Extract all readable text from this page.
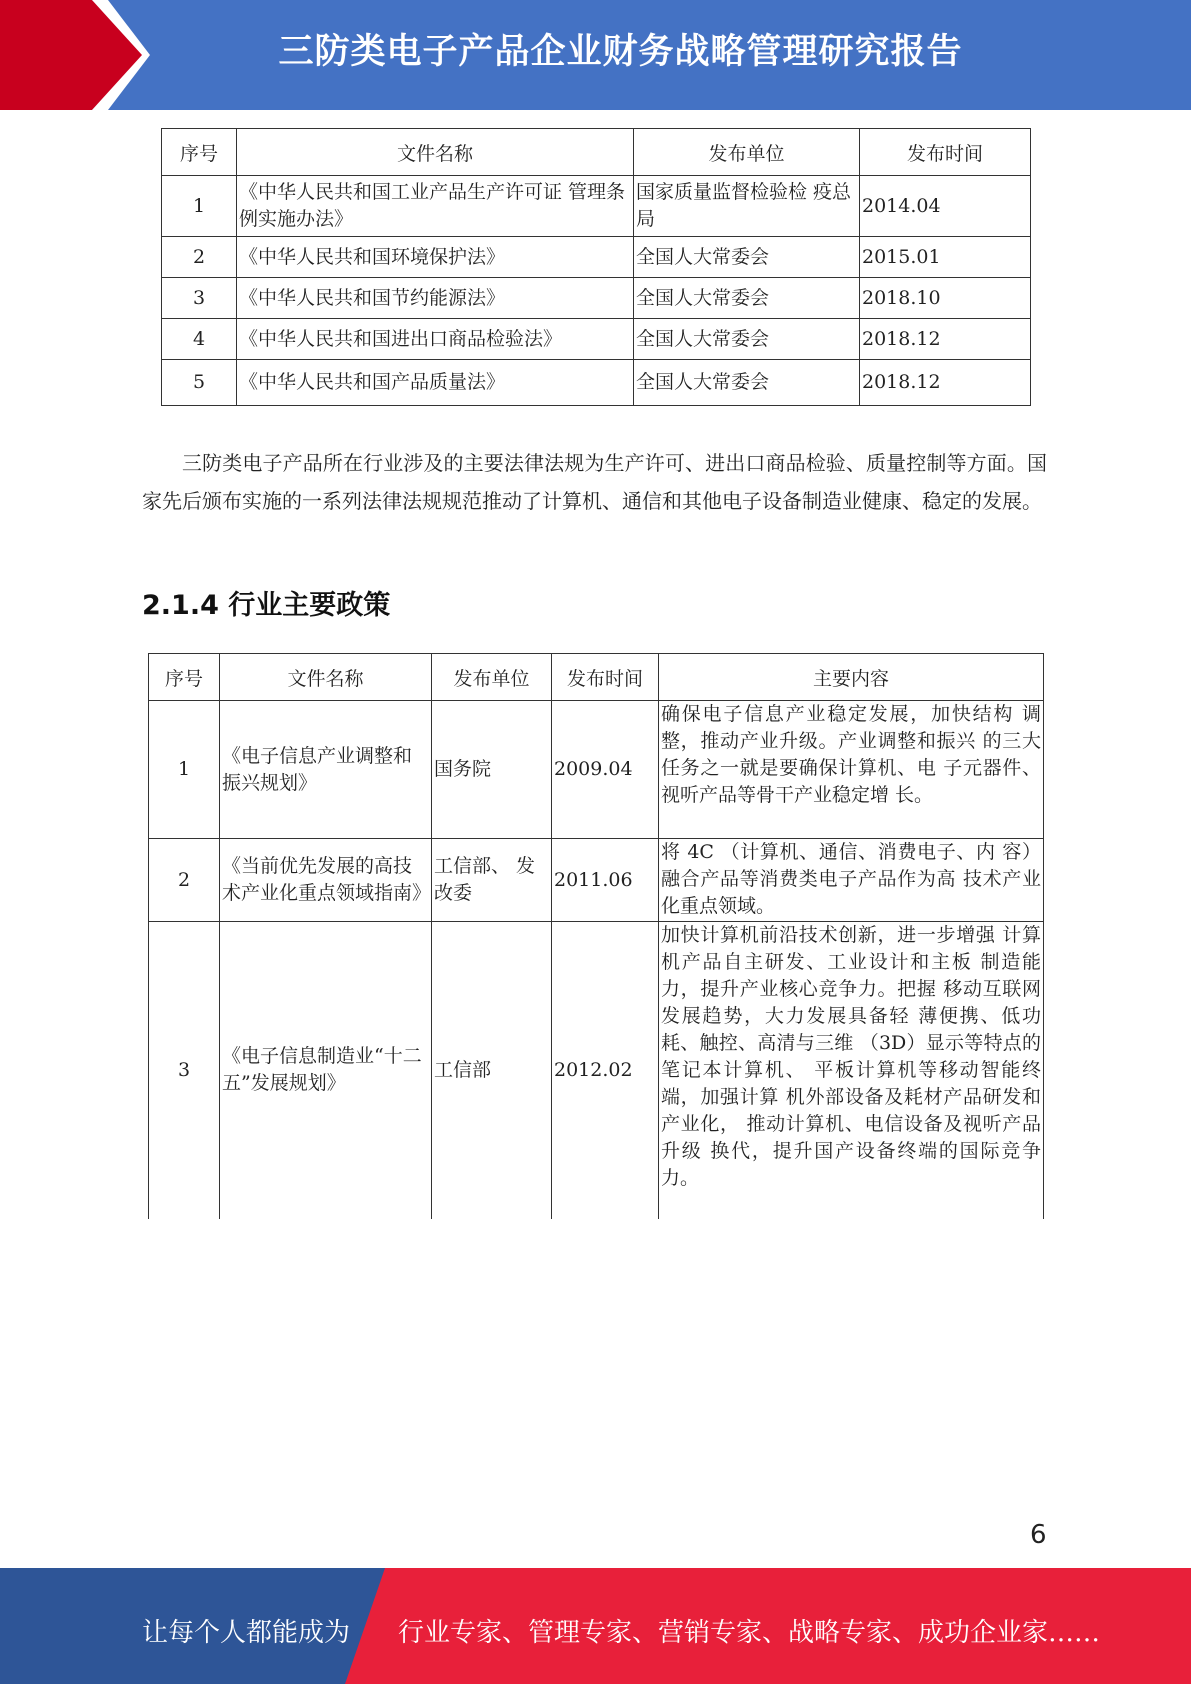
三防类电子产品企业财务战略管理研究报告
序号	文件名称	发布单位	发布时间
1	《中华人民共和国工业产品生产许可证 管理条例实施办法》	国家质量监督检验检 疫总局	2014.04
2	《中华人民共和国环境保护法》	全国人大常委会	2015.01
3	《中华人民共和国节约能源法》	全国人大常委会	2018.10
4	《中华人民共和国进出口商品检验法》	全国人大常委会	2018.12
5	《中华人民共和国产品质量法》	全国人大常委会	2018.12

三防类电子产品所在行业涉及的主要法律法规为生产许可、进出口商品检验、质量控制等方面。国家先后颁布实施的一系列法律法规规范推动了计算机、通信和其他电子设备制造业健康、稳定的发展。

2.1.4 行业主要政策
序号	文件名称	发布单位	发布时间	主要内容
1	《电子信息产业调整和振兴规划》	国务院	2009.04	确保电子信息产业稳定发展，加快结构 调整，推动产业升级。产业调整和振兴 的三大任务之一就是要确保计算机、电 子元器件、视听产品等骨干产业稳定增 长。
2	《当前优先发展的高技术产业化重点领域指南》	工信部、 发改委	2011.06	将 4C （计算机、通信、消费电子、内 容）融合产品等消费类电子产品作为高 技术产业化重点领域。
3	《电子信息制造业“十二五”发展规划》	工信部	2012.02	加快计算机前沿技术创新，进一步增强 计算机产品自主研发、工业设计和主板 制造能力，提升产业核心竞争力。把握 移动互联网发展趋势，大力发展具备轻 薄便携、低功耗、触控、高清与三维 （3D）显示等特点的笔记本计算机、 平板计算机等移动智能终端，加强计算 机外部设备及耗材产品研发和产业化， 推动计算机、电信设备及视听产品升级 换代，提升国产设备终端的国际竞争 力。
6
让每个人都能成为 行业专家、管理专家、营销专家、战略专家、成功企业家……
